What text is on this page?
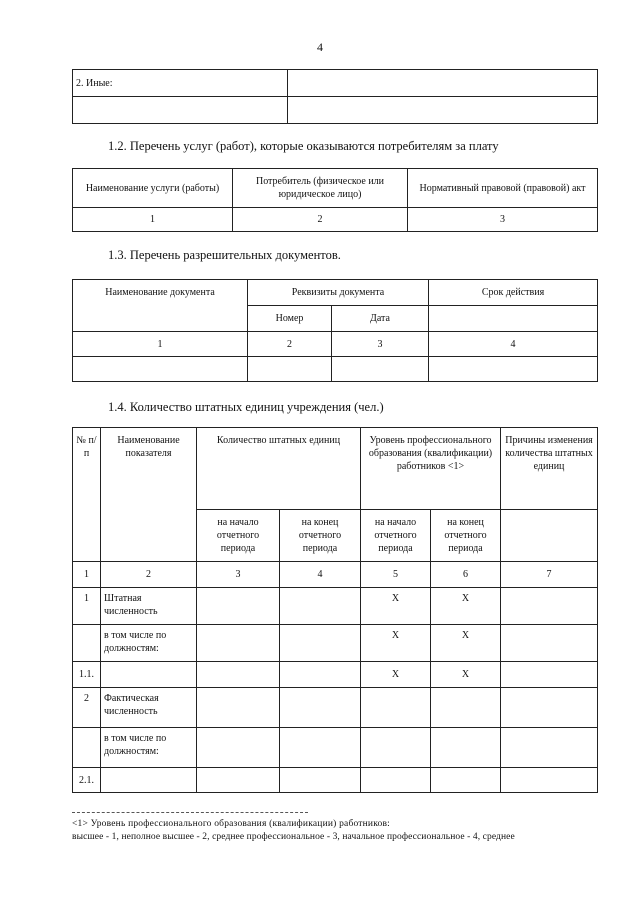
4
2. Иные:	

1.2. Перечень услуг (работ), которые оказываются потребителям за плату
Наименование услуги (работы)	Потребитель (физическое или юридическое лицо)	Нормативный правовой (правовой) акт
1	2	3
1.3. Перечень разрешительных документов.
Наименование документа	Реквизиты документа		Срок действия
	Номер	Дата	
1	2	3	4

1.4. Количество штатных единиц учреждения (чел.)
№ п/п	Наименование показателя	Количество штатных единиц		Уровень профессионального образования (квалификации) работников <1>		Причины изменения количества штатных единиц
		на начало отчетного периода	на конец отчетного периода	на начало отчетного периода	на конец отчетного периода	
1	2	3	4	5	6	7
1	Штатная численность			Х	Х	
	в том числе по должностям:			Х	Х	
1.1.				Х	Х	
2	Фактическая численность					
	в том числе по должностям:					
2.1.						
<1> Уровень профессионального образования (квалификации) работников:
высшее - 1, неполное высшее - 2, среднее профессиональное - 3, начальное профессиональное - 4, среднее
